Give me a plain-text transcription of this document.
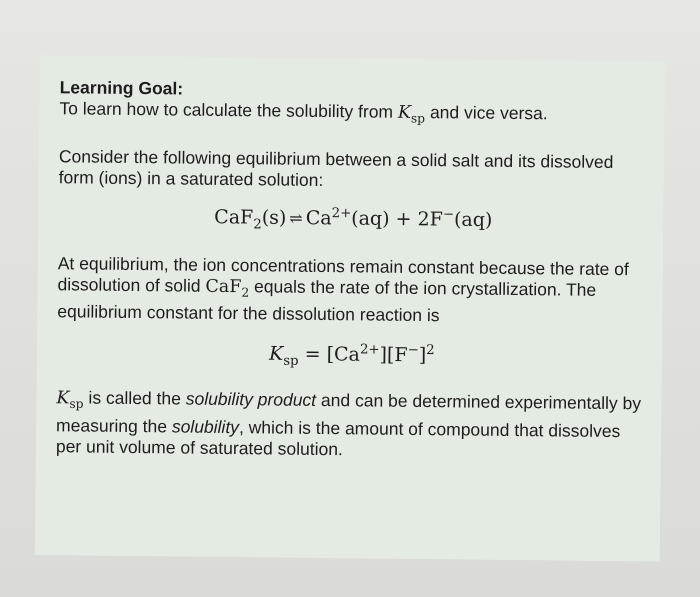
Learning Goal:

To learn how to calculate the solubility from $K_{sp}$ and vice versa.

Consider the following equilibrium between a solid salt and its dissolved form (ions) in a saturated solution:

CaF$_2$(s) ⇌ $Ca^{2+}(aq) + 2F^-(aq)$

At equilibrium, the ion concentrations remain constant because the rate of dissolution of solid CaF$_2$ equals the rate of the ion crystallization. The equilibrium constant for the dissolution reaction is

$K_{sp} = [Ca^{2+}][F^-]^2$

$K_{sp}$ is called the solubility product and can be determined experimentally by measuring the solubility, which is the amount of compound that dissolves per unit volume of saturated solution.
